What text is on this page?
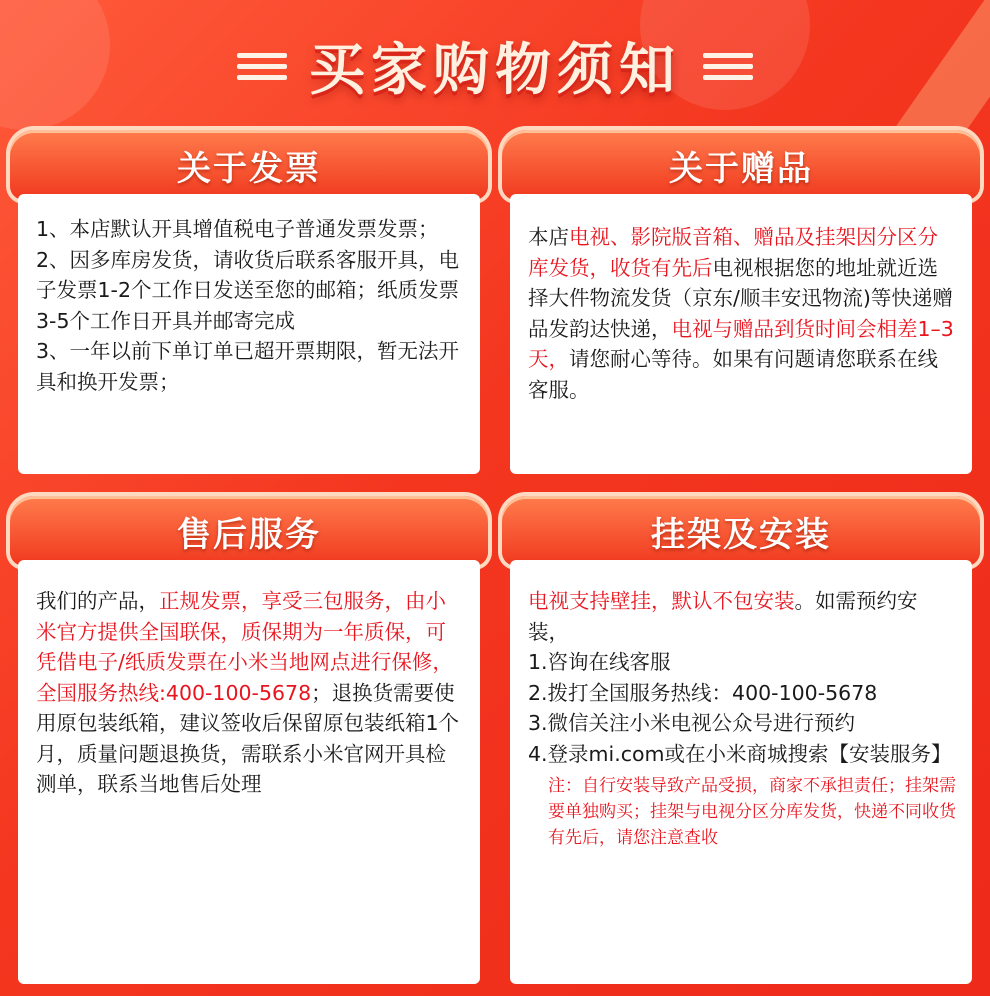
买家购物须知
关于发票
1、本店默认开具增值税电子普通发票发票；
2、因多库房发货，请收货后联系客服开具，电子发票1-2个工作日发送至您的邮箱；纸质发票3-5个工作日开具并邮寄完成
3、一年以前下单订单已超开票期限，暂无法开具和换开发票；
关于赠品
本店电视、影院版音箱、赠品及挂架因分区分库发货，收货有先后电视根据您的地址就近选择大件物流发货（京东/顺丰安迅物流)等快递赠品发韵达快递，电视与赠品到货时间会相差1–3天，请您耐心等待。如果有问题请您联系在线客服。
售后服务
我们的产品，正规发票，享受三包服务，由小米官方提供全国联保，质保期为一年质保，可凭借电子/纸质发票在小米当地网点进行保修，全国服务热线:400-100-5678；退换货需要使用原包装纸箱，建议签收后保留原包装纸箱1个月，质量问题退换货，需联系小米官网开具检测单，联系当地售后处理
挂架及安装
电视支持壁挂，默认不包安装。如需预约安装，
1.咨询在线客服
2.拨打全国服务热线：400-100-5678
3.微信关注小米电视公众号进行预约
4.登录mi.com或在小米商城搜索【安装服务】
注：自行安装导致产品受损，商家不承担责任；挂架需要单独购买；挂架与电视分区分库发货，快递不同收货有先后，请您注意查收
